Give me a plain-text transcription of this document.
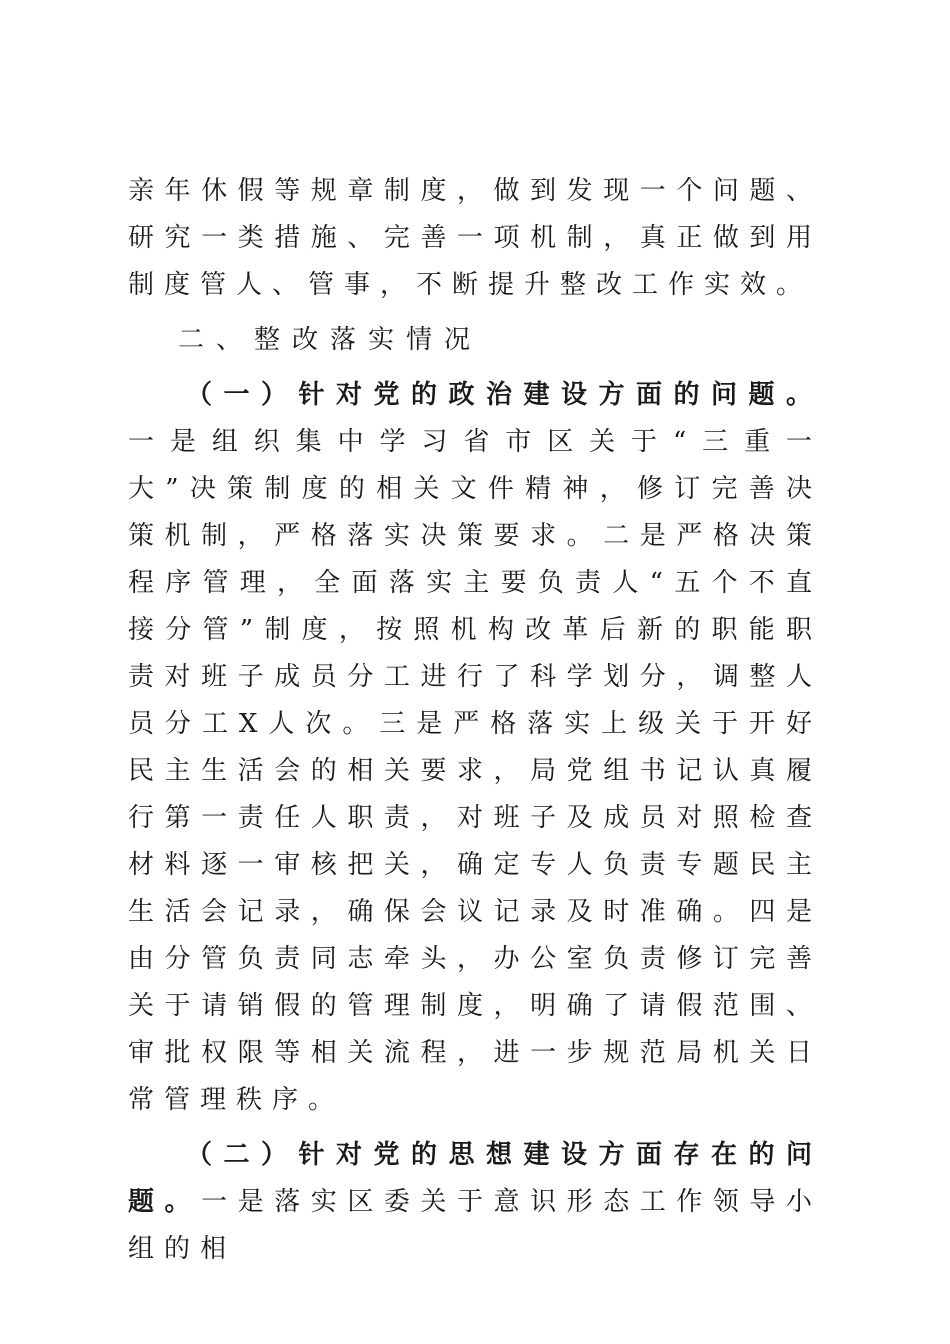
亲年休假等规章制度，做到发现一个问题、研究一类措施、完善一项机制，真正做到用制度管人、管事，不断提升整改工作实效。

二、整改落实情况

（一）针对党的政治建设方面的问题。一是组织集中学习省市区关于“三重一大”决策制度的相关文件精神，修订完善决策机制，严格落实决策要求。二是严格决策程序管理，全面落实主要负责人“五个不直接分管”制度，按照机构改革后新的职能职责对班子成员分工进行了科学划分，调整人员分工X人次。三是严格落实上级关于开好民主生活会的相关要求，局党组书记认真履行第一责任人职责，对班子及成员对照检查材料逐一审核把关，确定专人负责专题民主生活会记录，确保会议记录及时准确。四是由分管负责同志牵头，办公室负责修订完善关于请销假的管理制度，明确了请假范围、审批权限等相关流程，进一步规范局机关日常管理秩序。

（二）针对党的思想建设方面存在的问题。一是落实区委关于意识形态工作领导小组的相
